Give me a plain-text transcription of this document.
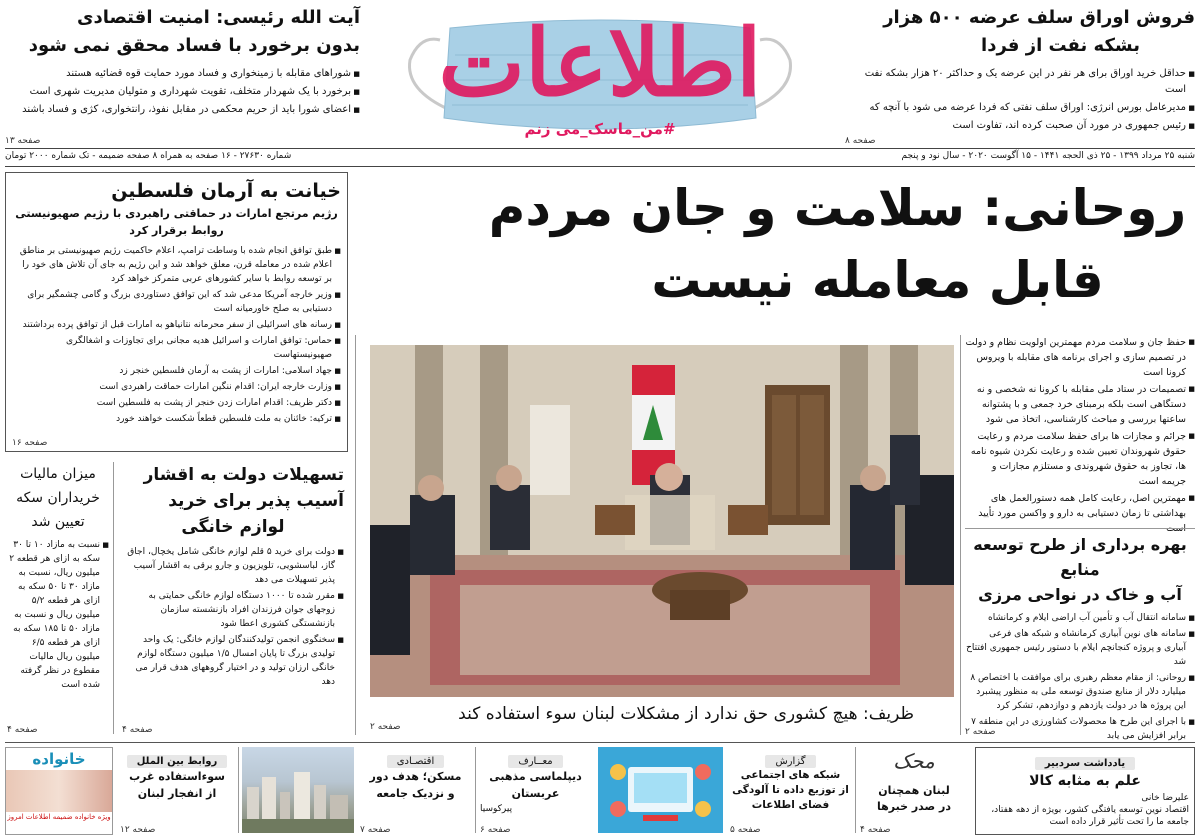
اطلاعات
#من_ماسک_می زنم
فروش اوراق سلف عرضه ۵۰۰ هزار
بشکه نفت از فردا
■ حداقل خرید اوراق برای هر نفر در این عرضه یک و حداکثر ۲۰ هزار بشکه نفت است
■ مدیرعامل بورس انرژی: اوراق سلف نفتی که فردا عرضه می شود با آنچه که
■ رئیس جمهوری در مورد آن صحبت کرده اند، تفاوت است
صفحه ۸
آیت الله رئیسی: امنیت اقتصادی
بدون برخورد با فساد محقق نمی شود
■ شوراهای مقابله با زمینخواری و فساد مورد حمایت قوه قضائیه هستند
■ برخورد با یک شهردار متخلف، تقویت شهرداری و متولیان مدیریت شهری است
■ اعضای شورا باید از حریم محکمی در مقابل نفوذ، رانتخواری، کژی و فساد باشند
صفحه ۱۳
شنبه ۲۵ مرداد ۱۳۹۹ - ۲۵ ذی الحجه ۱۴۴۱ - ۱۵ آگوست ۲۰۲۰ - سال نود و پنجم
شماره ۲۷۶۳۰ - ۱۶ صفحه به همراه ۸ صفحه ضمیمه - تک شماره ۲۰۰۰ تومان
خیانت به آرمان فلسطین
رژیم مرتجع امارات در حماقتی راهبردی با رژیم صهیونیستی روابط برقرار کرد
■ طبق توافق انجام شده با وساطت ترامپ، اعلام حاکمیت رژیم صهیونیستی بر مناطق اعلام شده در معامله قرن، معلق خواهد شد و این رژیم به جای آن تلاش های خود را بر توسعه روابط با سایر کشورهای عربی متمرکز خواهد کرد
■ وزیر خارجه آمریکا مدعی شد که این توافق دستاوردی بزرگ و گامی چشمگیر برای دستیابی به صلح خاورمیانه است
■ رسانه های اسرائیلی از سفر محرمانه نتانیاهو به امارات قبل از توافق پرده برداشتند
■ حماس: توافق امارات و اسرائیل هدیه مجانی برای تجاوزات و اشغالگری صهیونیستهاست
■ جهاد اسلامی: امارات از پشت به آرمان فلسطین خنجر زد
■ وزارت خارجه ایران: اقدام ننگین امارات حماقت راهبردی است
■ دکتر ظریف: اقدام امارات زدن خنجر از پشت به فلسطین است
■ ترکیه: خائنان به ملت فلسطین قطعاً شکست خواهند خورد
صفحه ۱۶
تسهیلات دولت به اقشار
آسیب پذیر برای خرید
لوازم خانگی
■ دولت برای خرید ۵ قلم لوازم خانگی شامل یخچال، اجاق گاز، لباسشویی، تلویزیون و جارو برقی به اقشار آسیب پذیر تسهیلات می دهد
■ مقرر شده تا ۱۰۰۰ دستگاه لوازم خانگی حمایتی به زوجهای جوان فرزندان افراد بازنشسته سازمان بازنشستگی کشوری اعطا شود
■ سخنگوی انجمن تولیدکنندگان لوازم خانگی: یک واحد تولیدی بزرگ تا پایان امسال ۱/۵ میلیون دستگاه لوازم خانگی ارزان تولید و در اختیار گروههای هدف قرار می دهد
صفحه ۴
میزان مالیات
خریداران سکه
تعیین شد
■ نسبت به مازاد ۱۰ تا ۳۰ سکه به ازای هر قطعه ۲ میلیون ریال، نسبت به مازاد ۳۰ تا ۵۰ سکه به ازای هر قطعه ۵/۲ میلیون ریال و نسبت به مازاد ۵۰ تا ۱۸۵ سکه به ازای هر قطعه ۶/۵ میلیون ریال مالیات مقطوع در نظر گرفته شده است
صفحه ۴
روحانی: سلامت و جان مردم
قابل معامله نیست
■ حفظ جان و سلامت مردم مهمترین اولویت نظام و دولت در تصمیم سازی و اجرای برنامه های مقابله با ویروس کرونا است
■ تصمیمات در ستاد ملی مقابله با کرونا نه شخصی و نه دستگاهی است بلکه برمبنای خرد جمعی و با پشتوانه ساعتها بررسی و مباحث کارشناسی، اتخاذ می شود
■ جرائم و مجازات ها برای حفظ سلامت مردم و رعایت حقوق شهروندان تعیین شده و رعایت نکردن شیوه نامه ها، تجاوز به حقوق شهروندی و مستلزم مجازات و جریمه است
■ مهمترین اصل، رعایت کامل همه دستورالعمل های بهداشتی تا زمان دستیابی به دارو و واکسن مورد تأیید
ظریف: هیچ کشوری حق ندارد از مشکلات لبنان سوء استفاده کند
صفحه ۲
بهره برداری از طرح توسعه منابع
آب و خاک در نواحی مرزی
■ سامانه انتقال آب و تأمین آب اراضی ایلام و کرمانشاه
■ سامانه های نوین آبیاری کرمانشاه و شبکه های فرعی آبیاری و پروژه کنجانچم ایلام با دستور رئیس جمهوری افتتاح شد
■ روحانی: از مقام معظم رهبری برای موافقت با اختصاص ۸ میلیارد دلار از منابع صندوق توسعه ملی به منظور پیشبرد این پروژه ها در دولت یازدهم و دوازدهم، تشکر کرد
■ با اجرای این طرح ها محصولات کشاورزی در این منطقه ۷ برابر افزایش می یابد
صفحه ۲
یادداشت سردبیر
علم به مثابه کالا
علیرضا خانی
اقتصاد نوین توسعه یافتگی کشور، بویژه از دهه هفتاد، جامعه ما را تحت تأثیر قرار داده است
محک
لبنان همچنان
در صدر خبرها
صفحه ۴
گزارش
شبکه های اجتماعی
از توزیع داده تا آلودگی
فضای اطلاعات
صفحه ۵
معــارف
دیپلماسی مذهبی
عربستان
پیرکوسیا
صفحه ۶
اقتصـادی
مسکن؛ هدف دور
و نزدیک جامعه
صفحه ۷
روابط بین الملل
سوءاستفاده غرب
از انفجار لبنان
صفحه ۱۲
خانواده
ویژه خانواده ضمیمه اطلاعات امروز
